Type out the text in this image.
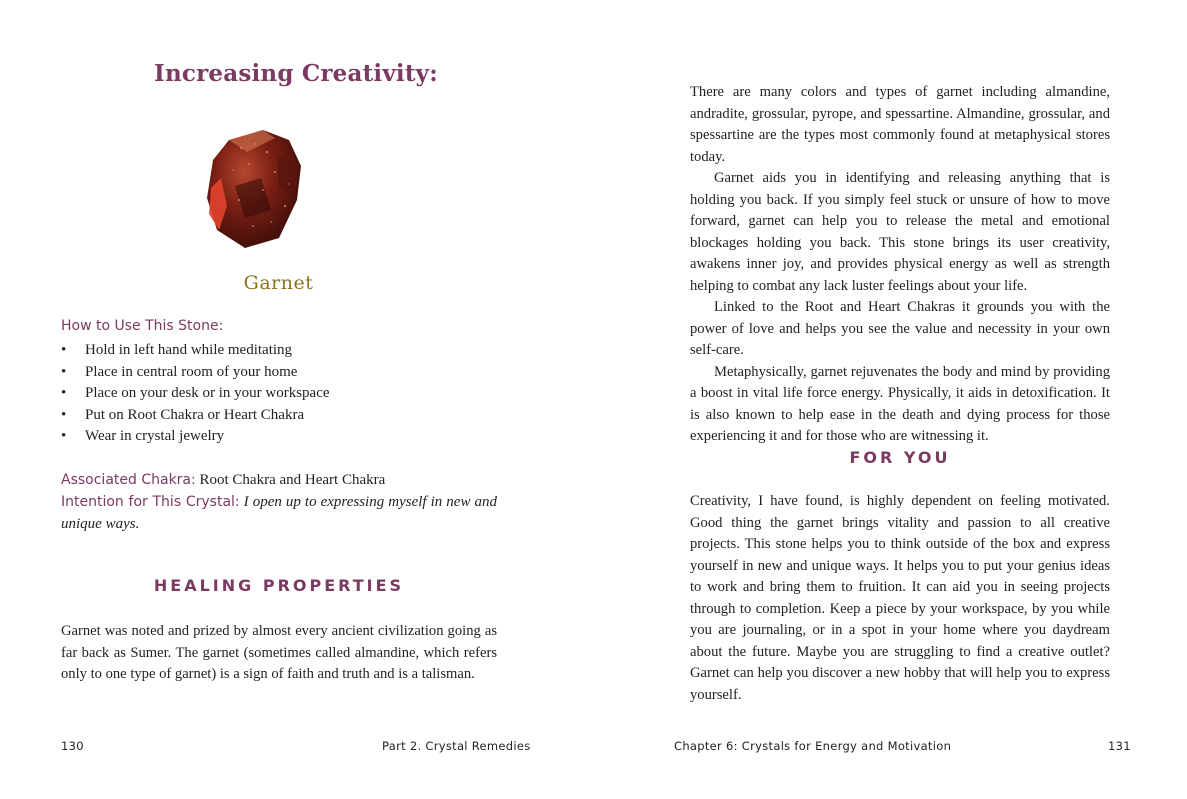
Increasing Creativity:
Garnet
How to Use This Stone:
• Hold in left hand while meditating
• Place in central room of your home
• Place on your desk or in your workspace
• Put on Root Chakra or Heart Chakra
• Wear in crystal jewelry
Associated Chakra: Root Chakra and Heart Chakra
Intention for This Crystal: I open up to expressing myself in new and unique ways.
HEALING PROPERTIES

Garnet was noted and prized by almost every ancient civilization going as far back as Sumer. The garnet (sometimes called almandine, which refers only to one type of garnet) is a sign of faith and truth and is a talisman.

130	Part 2. Crystal Remedies

There are many colors and types of garnet including almandine, andradite, grossular, pyrope, and spessartine. Almandine, grossular, and spessartine are the types most commonly found at metaphysical stores today.

Garnet aids you in identifying and releasing anything that is holding you back. If you simply feel stuck or unsure of how to move forward, garnet can help you to release the metal and emotional blockages holding you back. This stone brings its user creativity, awakens inner joy, and provides physical energy as well as strength helping to combat any lack luster feelings about your life.

Linked to the Root and Heart Chakras it grounds you with the power of love and helps you see the value and necessity in your own self-care.

Metaphysically, garnet rejuvenates the body and mind by providing a boost in vital life force energy. Physically, it aids in detoxification. It is also known to help ease in the death and dying process for those experiencing it and for those who are witnessing it.

FOR YOU

Creativity, I have found, is highly dependent on feeling motivated. Good thing the garnet brings vitality and passion to all creative projects. This stone helps you to think outside of the box and express yourself in new and unique ways. It helps you to put your genius ideas to work and bring them to fruition. It can aid you in seeing projects through to completion. Keep a piece by your workspace, by you while you are journaling, or in a spot in your home where you daydream about the future. Maybe you are struggling to find a creative outlet? Garnet can help you discover a new hobby that will help you to express yourself.

Chapter 6: Crystals for Energy and Motivation	131
